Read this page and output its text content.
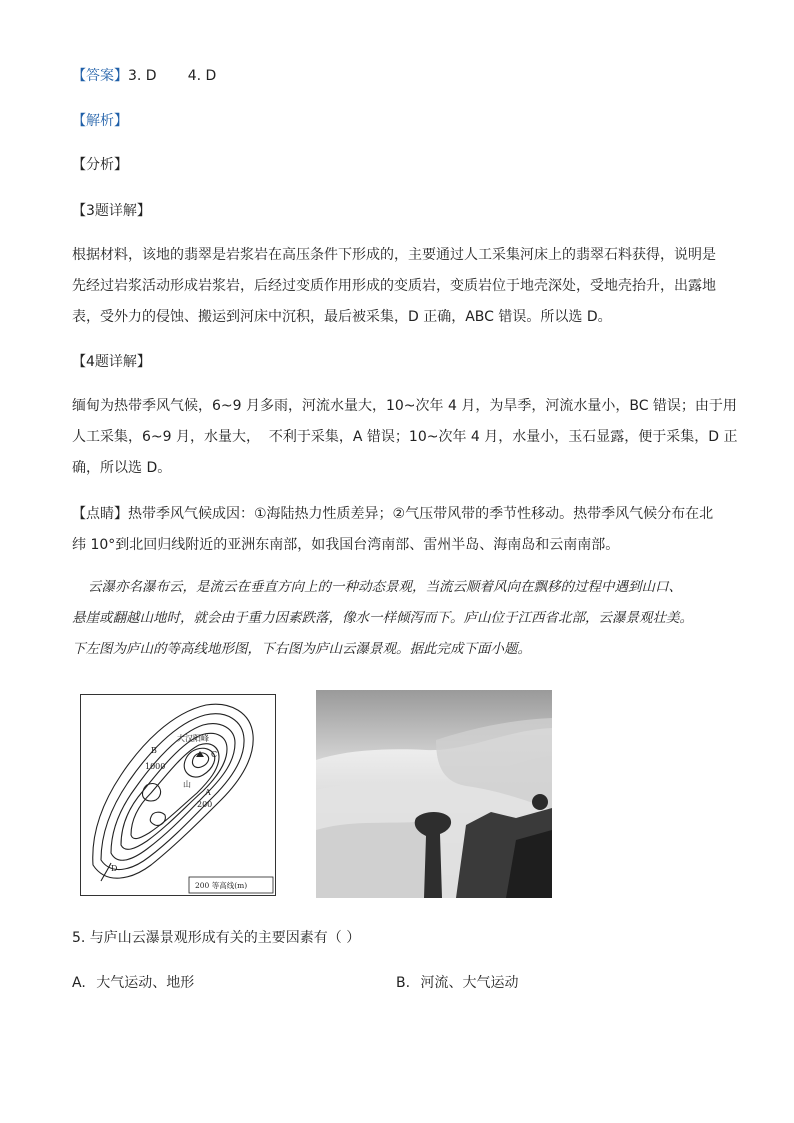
【答案】3. D       4. D
【解析】
【分析】
【3题详解】
根据材料，该地的翡翠是岩浆岩在高压条件下形成的，主要通过人工采集河床上的翡翠石料获得，说明是
先经过岩浆活动形成岩浆岩，后经过变质作用形成的变质岩，变质岩位于地壳深处，受地壳抬升，出露地
表，受外力的侵蚀、搬运到河床中沉积，最后被采集，D 正确，ABC 错误。所以选 D。
【4题详解】
缅甸为热带季风气候，6~9 月多雨，河流水量大，10~次年 4 月，为旱季，河流水量小，BC 错误；由于用
人工采集，6~9 月，水量大，  不利于采集，A 错误；10~次年 4 月，水量小，玉石显露，便于采集，D 正
确，所以选 D。
【点睛】热带季风气候成因：①海陆热力性质差异；②气压带风带的季节性移动。热带季风气候分布在北
纬 10°到北回归线附近的亚洲东南部，如我国台湾南部、雷州半岛、海南岛和云南南部。
云瀑亦名瀑布云，是流云在垂直方向上的一种动态景观，当流云顺着风向在飘移的过程中遇到山口、
悬崖或翻越山地时，就会由于重力因素跌落，像水一样倾泻而下。庐山位于江西省北部，云瀑景观壮美。
下左图为庐山的等高线地形图，下右图为庐山云瀑景观。据此完成下面小题。
大汉阳峰
B	C
1000
山
A
200
D
200 等高线(m)
5. 与庐山云瀑景观形成有关的主要因素有（ ）
A. 大气运动、地形	B. 河流、大气运动
